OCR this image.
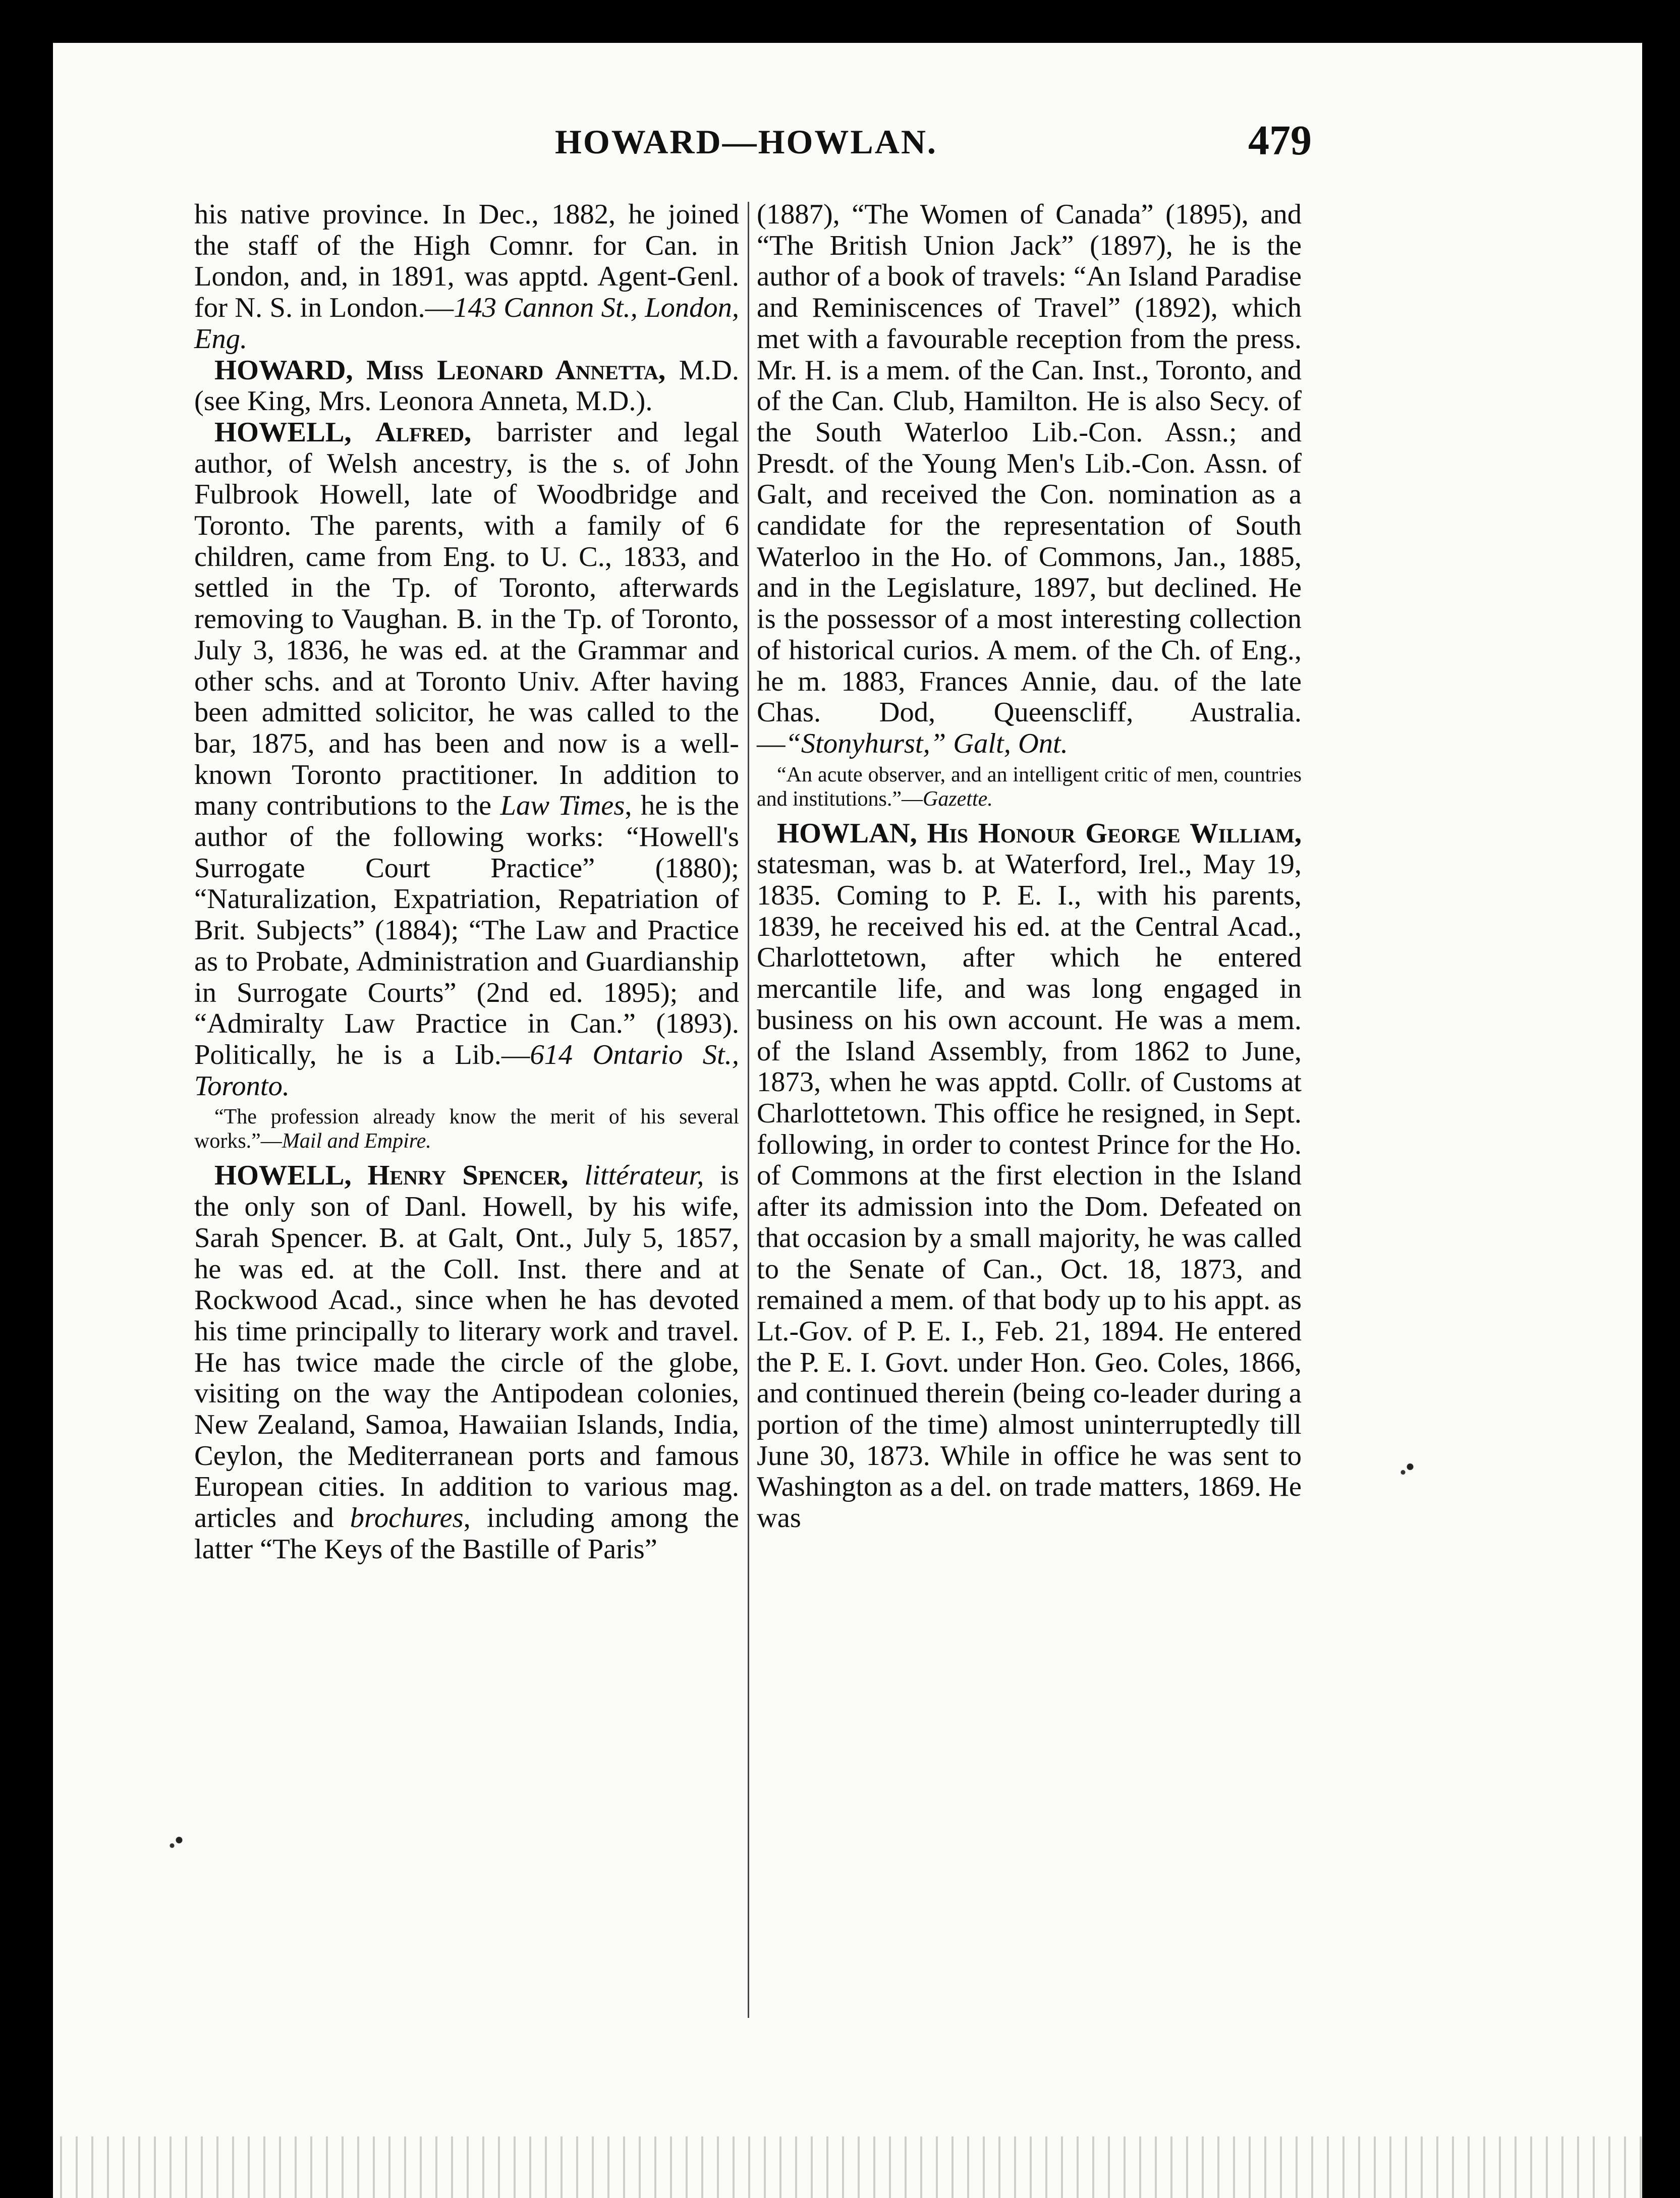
HOWARD—HOWLAN.	479

his native province. In Dec., 1882, he joined the staff of the High Comnr. for Can. in London, and, in 1891, was apptd. Agent-Genl. for N. S. in London.—143 Cannon St., London, Eng.

HOWARD, Miss Leonard Annetta, M.D. (see King, Mrs. Leonora Anneta, M.D.).

HOWELL, Alfred, barrister and legal author, of Welsh ancestry, is the s. of John Fulbrook Howell, late of Woodbridge and Toronto. The parents, with a family of 6 children, came from Eng. to U. C., 1833, and settled in the Tp. of Toronto, afterwards removing to Vaughan. B. in the Tp. of Toronto, July 3, 1836, he was ed. at the Grammar and other schs. and at Toronto Univ. After having been admitted solicitor, he was called to the bar, 1875, and has been and now is a well-known Toronto practitioner. In addition to many contributions to the Law Times, he is the author of the following works: “Howell's Surrogate Court Practice” (1880); “Naturalization, Expatriation, Repatriation of Brit. Subjects” (1884); “The Law and Practice as to Probate, Administration and Guardianship in Surrogate Courts” (2nd ed. 1895); and “Admiralty Law Practice in Can.” (1893). Politically, he is a Lib.—614 Ontario St., Toronto.

“The profession already know the merit of his several works.”—Mail and Empire.

HOWELL, Henry Spencer, littérateur, is the only son of Danl. Howell, by his wife, Sarah Spencer. B. at Galt, Ont., July 5, 1857, he was ed. at the Coll. Inst. there and at Rockwood Acad., since when he has devoted his time principally to literary work and travel. He has twice made the circle of the globe, visiting on the way the Antipodean colonies, New Zealand, Samoa, Hawaiian Islands, India, Ceylon, the Mediterranean ports and famous European cities. In addition to various mag. articles and brochures, including among the latter “The Keys of the Bastille of Paris”

(1887), “The Women of Canada” (1895), and “The British Union Jack” (1897), he is the author of a book of travels: “An Island Paradise and Reminiscences of Travel” (1892), which met with a favourable reception from the press. Mr. H. is a mem. of the Can. Inst., Toronto, and of the Can. Club, Hamilton. He is also Secy. of the South Waterloo Lib.-Con. Assn.; and Presdt. of the Young Men's Lib.-Con. Assn. of Galt, and received the Con. nomination as a candidate for the representation of South Waterloo in the Ho. of Commons, Jan., 1885, and in the Legislature, 1897, but declined. He is the possessor of a most interesting collection of historical curios. A mem. of the Ch. of Eng., he m. 1883, Frances Annie, dau. of the late Chas. Dod, Queenscliff, Australia.—“Stonyhurst,” Galt, Ont.

“An acute observer, and an intelligent critic of men, countries and institutions.”—Gazette.

HOWLAN, His Honour George William, statesman, was b. at Waterford, Irel., May 19, 1835. Coming to P. E. I., with his parents, 1839, he received his ed. at the Central Acad., Charlottetown, after which he entered mercantile life, and was long engaged in business on his own account. He was a mem. of the Island Assembly, from 1862 to June, 1873, when he was apptd. Collr. of Customs at Charlottetown. This office he resigned, in Sept. following, in order to contest Prince for the Ho. of Commons at the first election in the Island after its admission into the Dom. Defeated on that occasion by a small majority, he was called to the Senate of Can., Oct. 18, 1873, and remained a mem. of that body up to his appt. as Lt.-Gov. of P. E. I., Feb. 21, 1894. He entered the P. E. I. Govt. under Hon. Geo. Coles, 1866, and continued therein (being co-leader during a portion of the time) almost uninterruptedly till June 30, 1873. While in office he was sent to Washington as a del. on trade matters, 1869. He was
